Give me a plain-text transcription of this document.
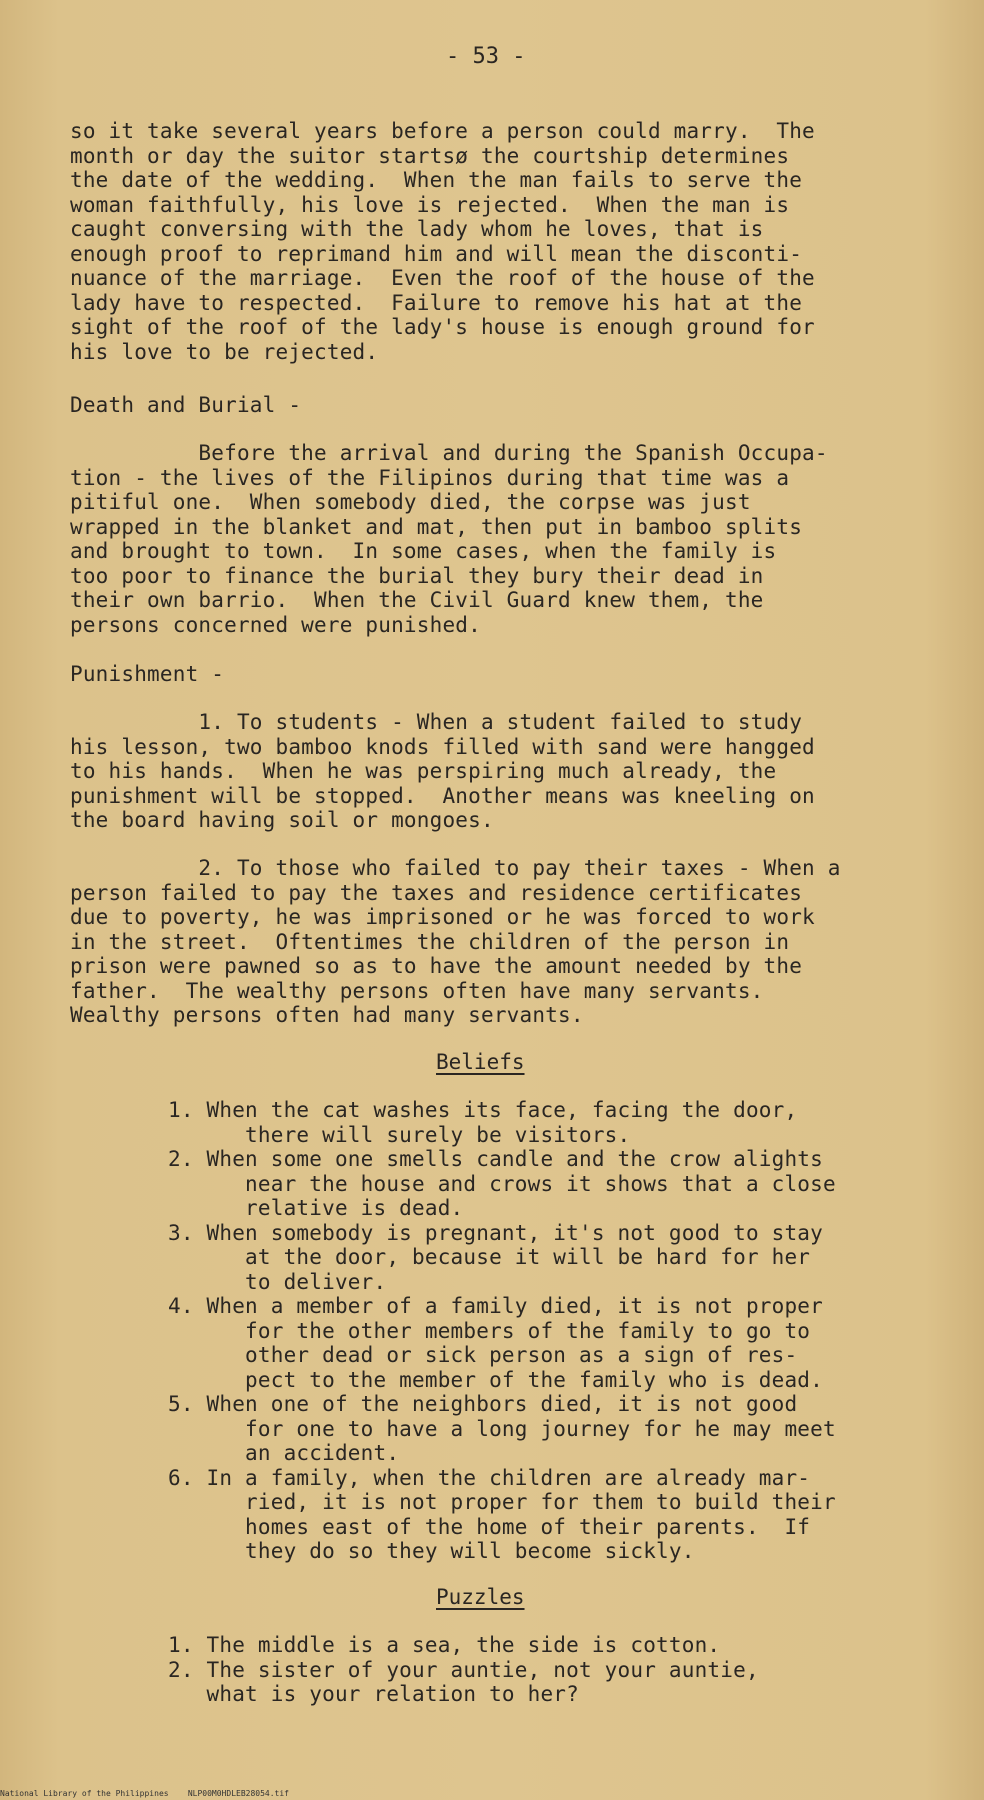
- 53 -
so it take several years before a person could marry.  The
month or day the suitor startsø the courtship determines
the date of the wedding.  When the man fails to serve the
woman faithfully, his love is rejected.  When the man is
caught conversing with the lady whom he loves, that is
enough proof to reprimand him and will mean the disconti-
nuance of the marriage.  Even the roof of the house of the
lady have to respected.  Failure to remove his hat at the
sight of the roof of the lady's house is enough ground for
his love to be rejected.
Death and Burial -
Before the arrival and during the Spanish Occupa-
tion - the lives of the Filipinos during that time was a
pitiful one.  When somebody died, the corpse was just
wrapped in the blanket and mat, then put in bamboo splits
and brought to town.  In some cases, when the family is
too poor to finance the burial they bury their dead in
their own barrio.  When the Civil Guard knew them, the
persons concerned were punished.
Punishment -
1. To students - When a student failed to study
his lesson, two bamboo knods filled with sand were hangged
to his hands.  When he was perspiring much already, the
punishment will be stopped.  Another means was kneeling on
the board having soil or mongoes.
2. To those who failed to pay their taxes - When a
person failed to pay the taxes and residence certificates
due to poverty, he was imprisoned or he was forced to work
in the street.  Oftentimes the children of the person in
prison were pawned so as to have the amount needed by the
father.  The wealthy persons often have many servants.
Wealthy persons often had many servants.
Beliefs
1. When the cat washes its face, facing the door,
there will surely be visitors.
2. When some one smells candle and the crow alights
near the house and crows it shows that a close
relative is dead.
3. When somebody is pregnant, it's not good to stay
at the door, because it will be hard for her
to deliver.
4. When a member of a family died, it is not proper
for the other members of the family to go to
other dead or sick person as a sign of res-
pect to the member of the family who is dead.
5. When one of the neighbors died, it is not good
for one to have a long journey for he may meet
an accident.
6. In a family, when the children are already mar-
ried, it is not proper for them to build their
homes east of the home of their parents.  If
they do so they will become sickly.
Puzzles
1. The middle is a sea, the side is cotton.
2. The sister of your auntie, not your auntie,
what is your relation to her?
National Library of the Philippines    NLP00M0HDLEB28054.tif
